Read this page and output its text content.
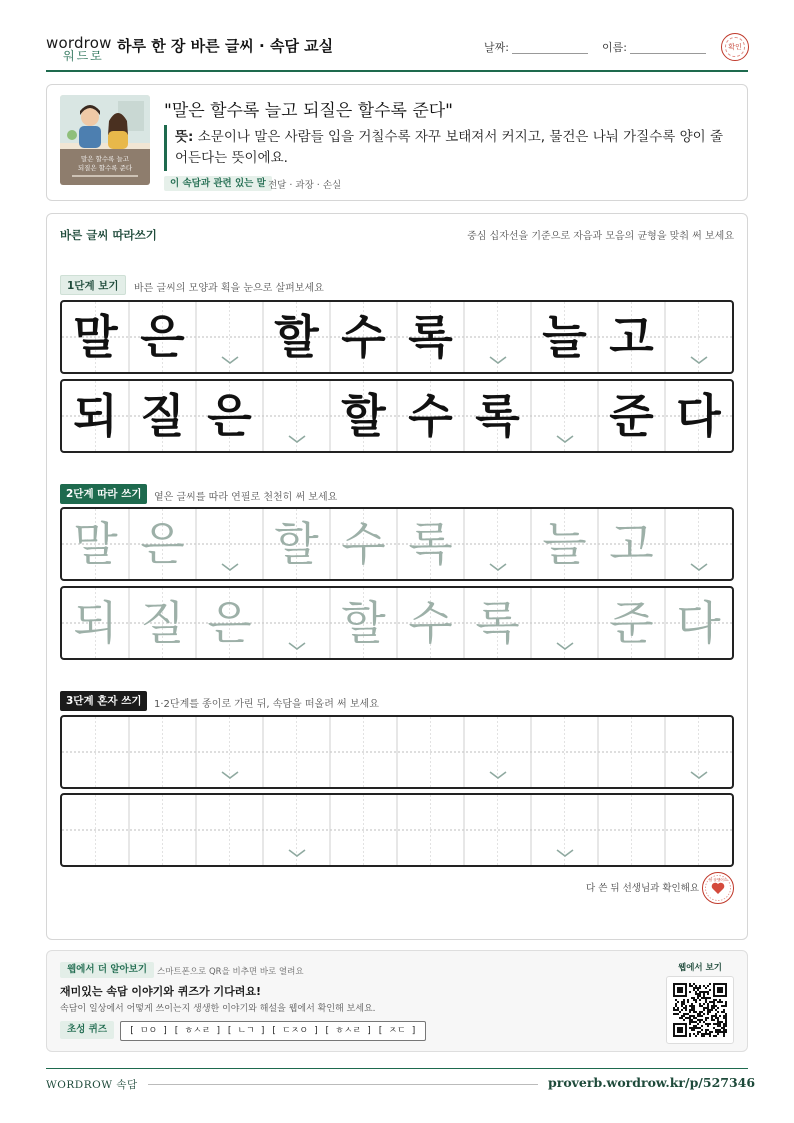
wordrow
워드로
하루 한 장 바른 글씨 · 속담 교실	날짜:	이름:	확인
말은 할수록 늘고
되질은 할수록 준다
"말은 할수록 늘고 되질은 할수록 준다"
뜻: 소문이나 말은 사람들 입을 거칠수록 자꾸 보태져서 커지고, 물건은 나눠 가질수록 양이 줄어든다는 뜻이에요.
이 속담과 관련 있는 말 전달 · 과장 · 손실
바른 글씨 따라쓰기	중심 십자선을 기준으로 자음과 모음의 균형을 맞춰 써 보세요
1단계 보기	바른 글씨의 모양과 획을 눈으로 살펴보세요
말 은 할 수 록 늘 고
되 질 은 할 수 록 준 다
2단계 따라 쓰기	옅은 글씨를 따라 연필로 천천히 써 보세요
말 은 할 수 록 늘 고
되 질 은 할 수 록 준 다
3단계 혼자 쓰기	1·2단계를 종이로 가린 뒤, 속담을 떠올려 써 보세요
다 쓴 뒤 선생님과 확인해요
참 잘했어요
웹에서 더 알아보기	스마트폰으로 QR을 비추면 바로 열려요
재미있는 속담 이야기와 퀴즈가 기다려요!
속담이 일상에서 어떻게 쓰이는지 생생한 이야기와 해설을 웹에서 확인해 보세요.
초성 퀴즈	[ ㅁㅇ ] [ ㅎㅅㄹ ] [ ㄴㄱ ] [ ㄷㅈㅇ ] [ ㅎㅅㄹ ] [ ㅈㄷ ]
웹에서 보기
WORDROW 속담	proverb.wordrow.kr/p/527346
